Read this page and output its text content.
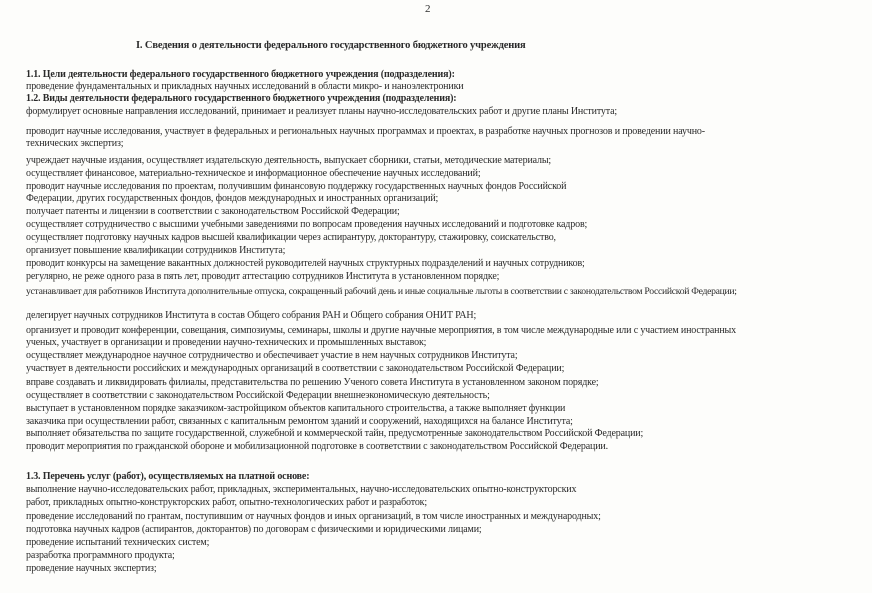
2
I. Сведения о деятельности федерального государственного бюджетного учреждения
1.1. Цели деятельности федерального государственного бюджетного учреждения (подразделения):
проведение фундаментальных и прикладных научных исследований в области микро- и наноэлектроники
1.2. Виды деятельности федерального государственного бюджетного учреждения (подразделения):
формулирует основные направления исследований, принимает и реализует планы научно-исследовательских работ и другие планы Института;
проводит научные исследования, участвует в федеральных и региональных научных программах и проектах, в разработке научных прогнозов и проведении научно-
технических экспертиз;
учреждает научные издания, осуществляет издательскую деятельность, выпускает сборники, статьи, методические материалы;
осуществляет финансовое, материально-техническое и информационное обеспечение научных исследований;
проводит научные исследования по проектам, получившим финансовую поддержку государственных научных фондов Российской
Федерации, других государственных фондов, фондов международных и иностранных организаций;
получает патенты и лицензии в соответствии с законодательством Российской Федерации;
осуществляет сотрудничество с высшими учебными заведениями по вопросам проведения научных исследований и подготовке кадров;
осуществляет подготовку научных кадров высшей квалификации через аспирантуру, докторантуру, стажировку, соискательство,
организует повышение квалификации сотрудников Института;
проводит конкурсы на замещение вакантных должностей руководителей научных структурных подразделений и научных сотрудников;
регулярно, не реже одного раза в пять лет, проводит аттестацию сотрудников Института в установленном порядке;
устанавливает для работников Института дополнительные отпуска, сокращенный рабочий день и иные социальные льготы в соответствии с законодательством Российской Федерации;
делегирует научных сотрудников Института в состав Общего собрания РАН и Общего собрания ОНИТ РАН;
организует и проводит конференции, совещания, симпозиумы, семинары, школы и другие научные мероприятия, в том числе международные или с участием иностранных
ученых, участвует в организации и проведении научно-технических и промышленных выставок;
осуществляет международное научное сотрудничество и обеспечивает участие в нем научных сотрудников Института;
участвует в деятельности российских и международных организаций в соответствии с законодательством Российской Федерации;
вправе создавать и ликвидировать филиалы, представительства по решению Ученого совета Института в установленном законом порядке;
осуществляет в соответствии с законодательством Российской Федерации внешнеэкономическую деятельность;
выступает в установленном порядке заказчиком-застройщиком объектов капитального строительства, а также выполняет функции
заказчика при осуществлении работ, связанных с капитальным ремонтом зданий и сооружений, находящихся на балансе Института;
выполняет обязательства по защите государственной, служебной и коммерческой тайн, предусмотренные законодательством Российской Федерации;
проводит мероприятия по гражданской обороне и мобилизационной подготовке в соответствии с законодательством Российской Федерации.
1.3. Перечень услуг (работ), осуществляемых на платной основе:
выполнение научно-исследовательских работ, прикладных, экспериментальных, научно-исследовательских опытно-конструкторских
работ, прикладных опытно-конструкторских работ, опытно-технологических работ и разработок;
проведение исследований по грантам, поступившим от научных фондов и иных организаций, в том числе иностранных и международных;
подготовка научных кадров (аспирантов, докторантов) по договорам с физическими и юридическими лицами;
проведение испытаний технических систем;
разработка программного продукта;
проведение научных экспертиз;
